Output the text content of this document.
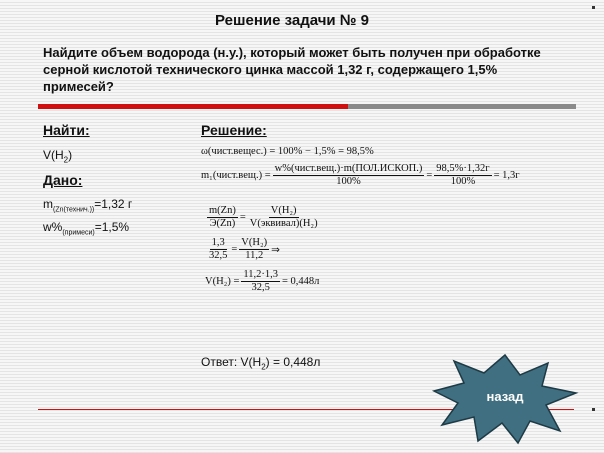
Решение задачи № 9
Найдите объем водорода (н.у.), который может быть получен при обработке серной кислотой технического цинка массой 1,32 г, содержащего 1,5% примесей?
Найти:
$V(H_2)$
Дано:
$m_{(Zn(технич.))}=1,32$ г
$w\%_{(примеси)}=1,5\%$
Решение:
ω(чист.вещес.) = 100% − 1,5% = 98,5%
m₁(чист.вещ.) = $\frac{\text{w\%(чист.вещ.)·m(ПОЛ.ИСКОП.)}}{100\%} = \frac{98,5\%\cdot 1,32г}{100\%} = 1,3г$
$\frac{m(Zn)}{Э(Zn)} = \frac{\text{V(H₂)}}{\text{V(эквивал)(H₂)}}$
$\frac{1,3}{32,5} = \frac{\text{V(H₂)}}{11,2}$ ⇒
$V(H_2) = \frac{11,2\cdot 1,3}{32,5} = 0,448л$
Ответ: $V(H_2) = 0,448л$
назад
